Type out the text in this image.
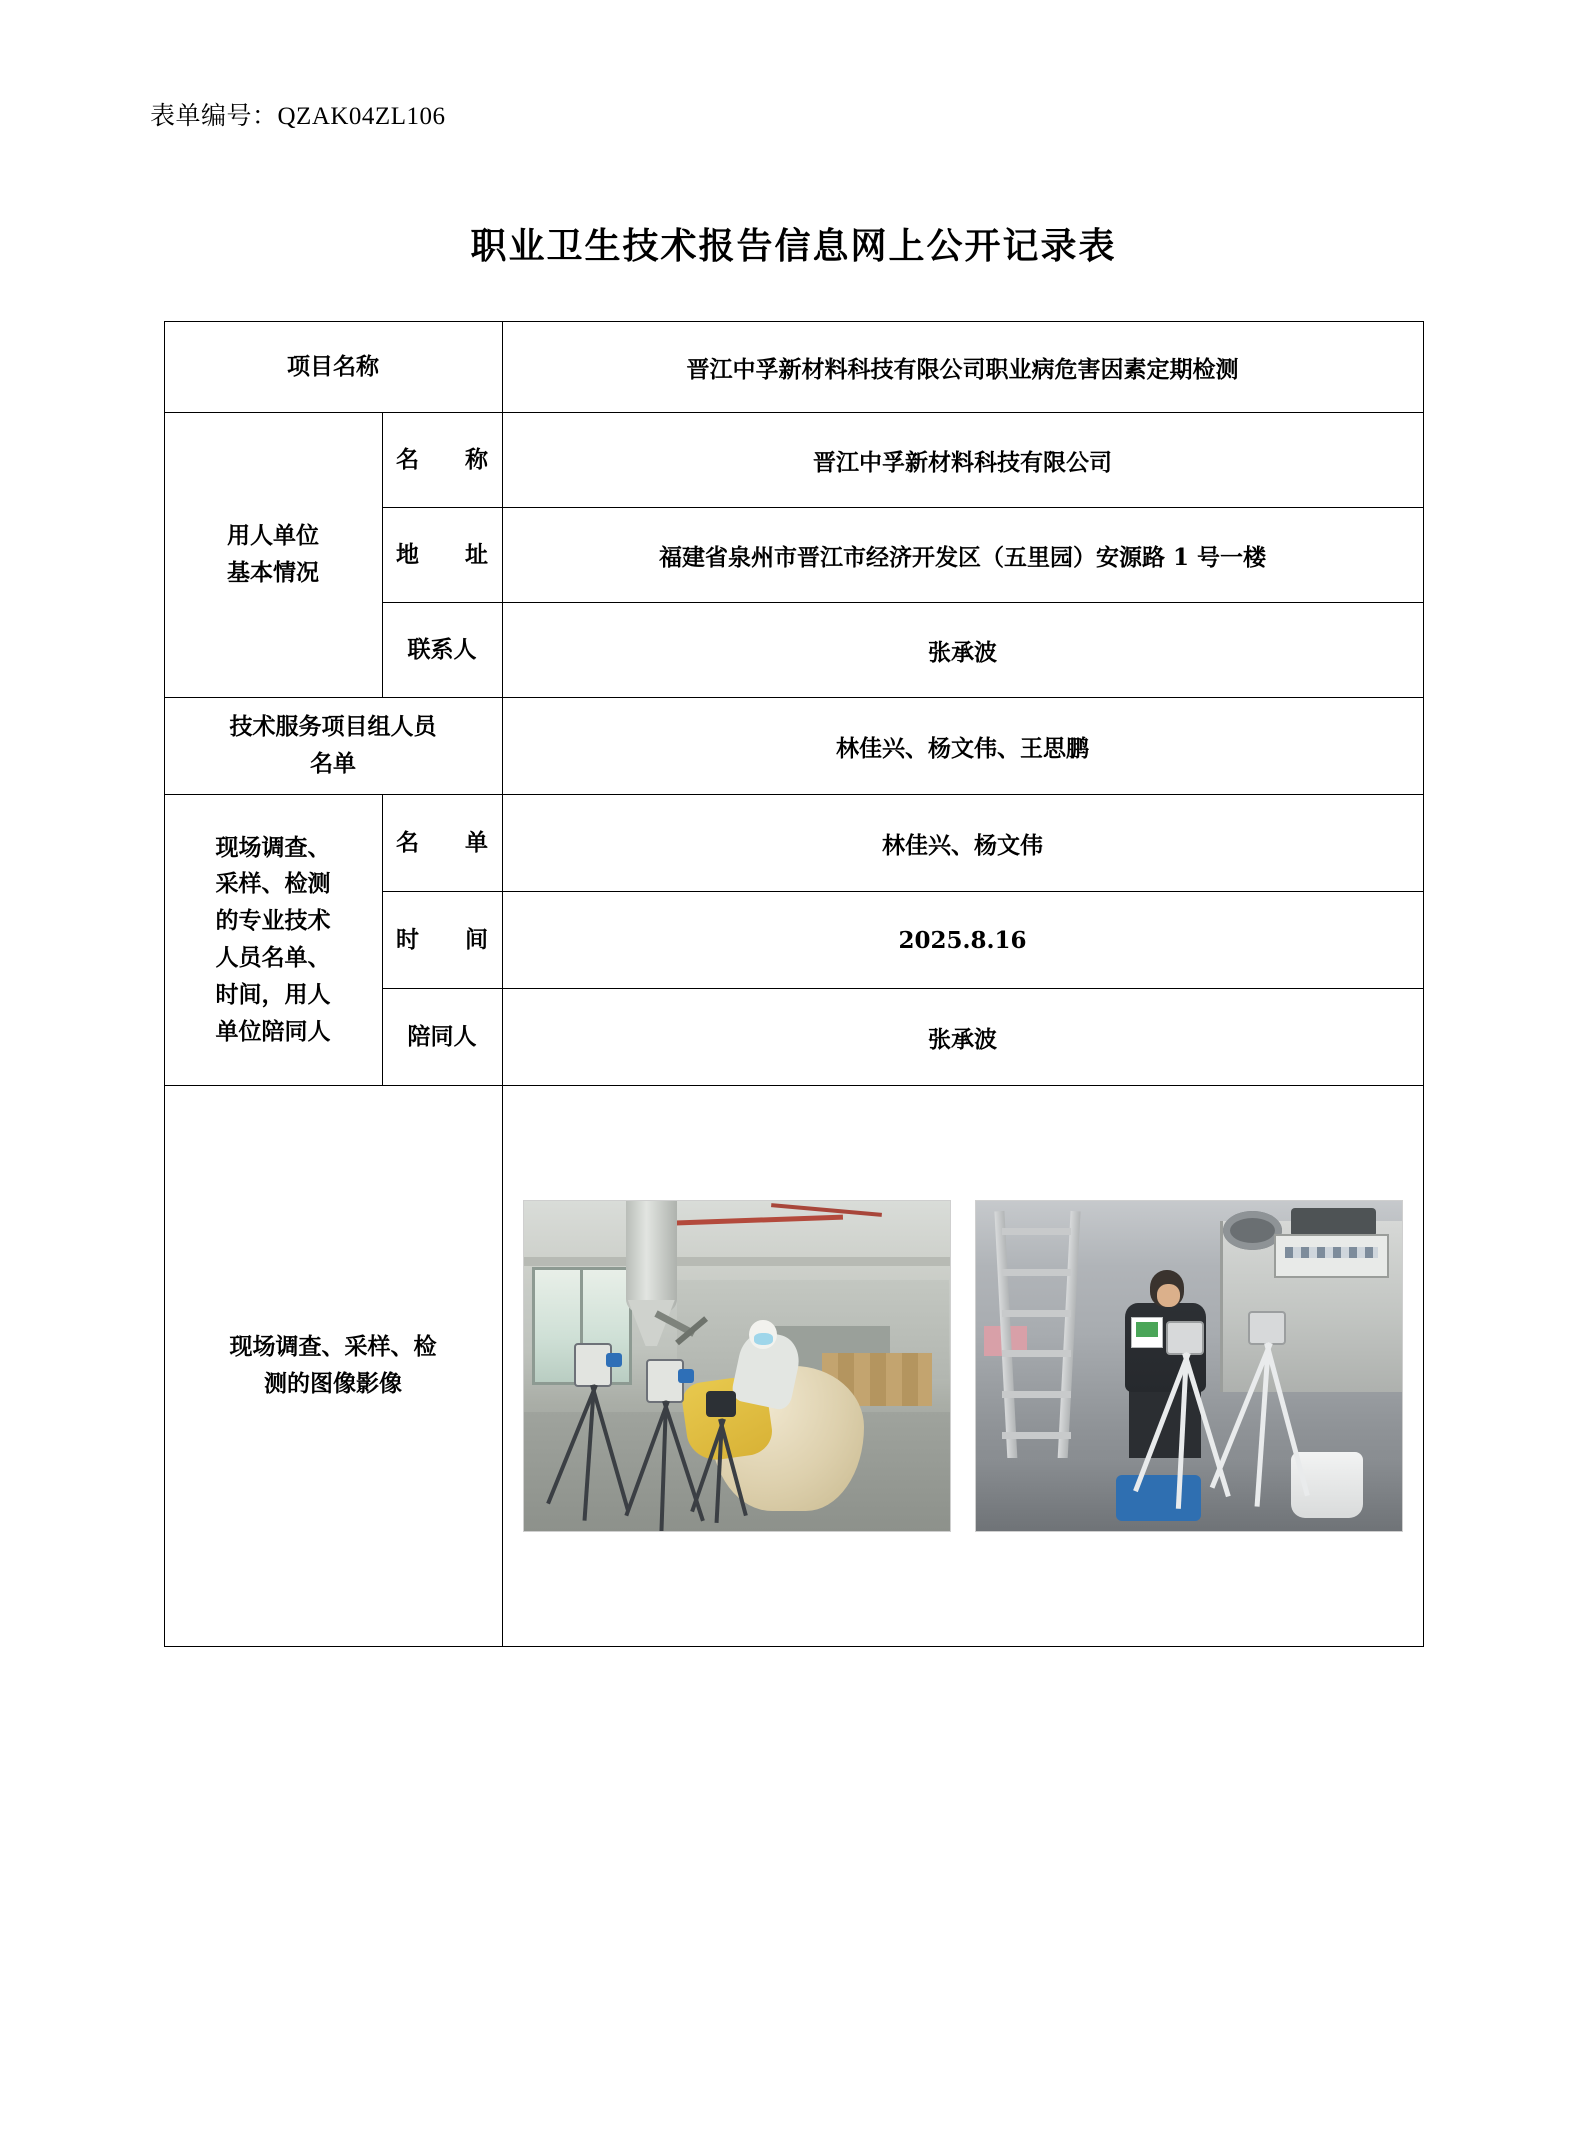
表单编号：QZAK04ZL106
职业卫生技术报告信息网上公开记录表
项目名称		晋江中孚新材料科技有限公司职业病危害因素定期检测

用人单位
基本情况	名　　称	晋江中孚新材料科技有限公司
	地　　址	福建省泉州市晋江市经济开发区（五里园）安源路 1 号一楼
	联系人	张承波

技术服务项目组人员
名单		林佳兴、杨文伟、王思鹏

现场调查、
采样、检测
的专业技术
人员名单、
时间，用人
单位陪同人
	名　　单	林佳兴、杨文伟
	时　　间	2025.8.16
	陪同人	张承波

现场调查、采样、检
测的图像影像		
